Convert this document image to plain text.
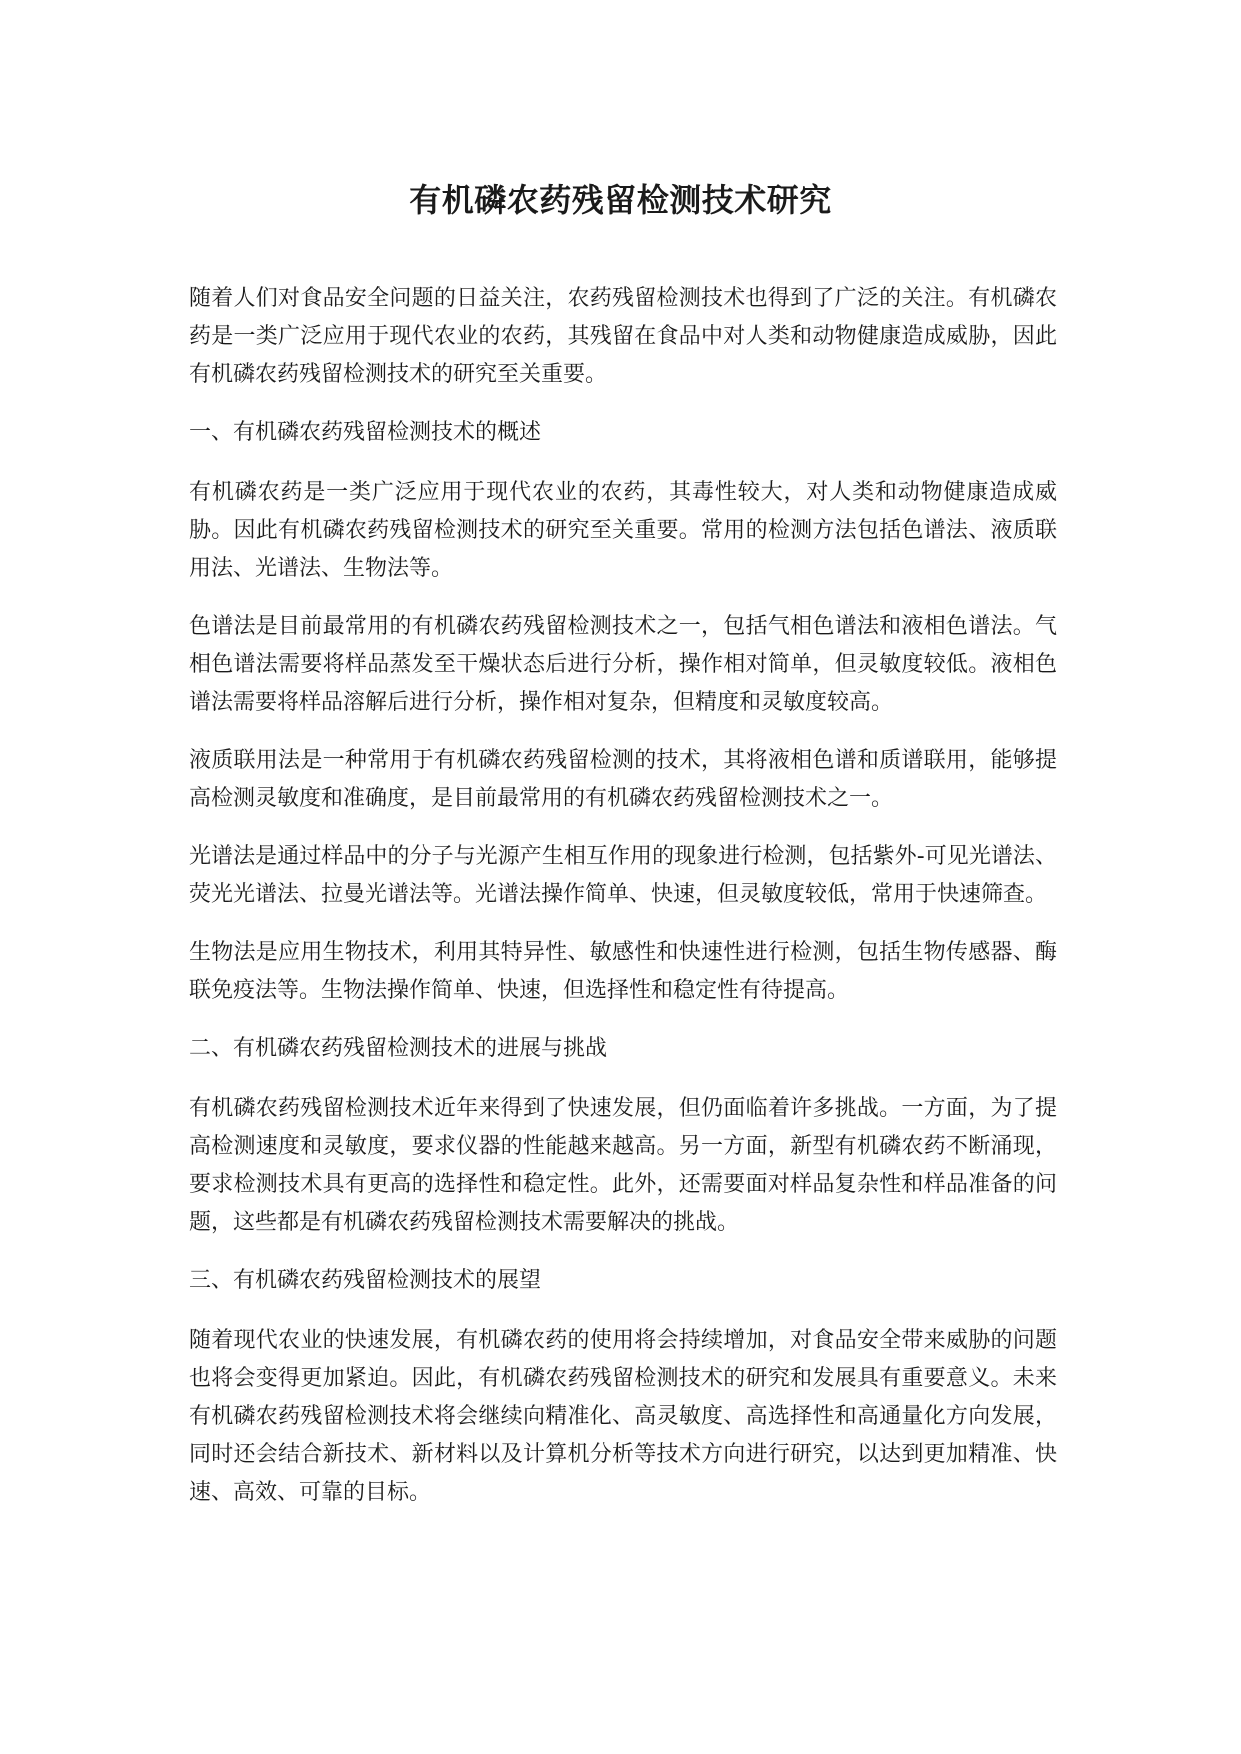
有机磷农药残留检测技术研究

随着人们对食品安全问题的日益关注，农药残留检测技术也得到了广泛的关注。有机磷农药是一类广泛应用于现代农业的农药，其残留在食品中对人类和动物健康造成威胁，因此有机磷农药残留检测技术的研究至关重要。

一、有机磷农药残留检测技术的概述

有机磷农药是一类广泛应用于现代农业的农药，其毒性较大，对人类和动物健康造成威胁。因此有机磷农药残留检测技术的研究至关重要。常用的检测方法包括色谱法、液质联用法、光谱法、生物法等。

色谱法是目前最常用的有机磷农药残留检测技术之一，包括气相色谱法和液相色谱法。气相色谱法需要将样品蒸发至干燥状态后进行分析，操作相对简单，但灵敏度较低。液相色谱法需要将样品溶解后进行分析，操作相对复杂，但精度和灵敏度较高。

液质联用法是一种常用于有机磷农药残留检测的技术，其将液相色谱和质谱联用，能够提高检测灵敏度和准确度，是目前最常用的有机磷农药残留检测技术之一。

光谱法是通过样品中的分子与光源产生相互作用的现象进行检测，包括紫外-可见光谱法、荧光光谱法、拉曼光谱法等。光谱法操作简单、快速，但灵敏度较低，常用于快速筛查。

生物法是应用生物技术，利用其特异性、敏感性和快速性进行检测，包括生物传感器、酶联免疫法等。生物法操作简单、快速，但选择性和稳定性有待提高。

二、有机磷农药残留检测技术的进展与挑战

有机磷农药残留检测技术近年来得到了快速发展，但仍面临着许多挑战。一方面，为了提高检测速度和灵敏度，要求仪器的性能越来越高。另一方面，新型有机磷农药不断涌现，要求检测技术具有更高的选择性和稳定性。此外，还需要面对样品复杂性和样品准备的问题，这些都是有机磷农药残留检测技术需要解决的挑战。

三、有机磷农药残留检测技术的展望

随着现代农业的快速发展，有机磷农药的使用将会持续增加，对食品安全带来威胁的问题也将会变得更加紧迫。因此，有机磷农药残留检测技术的研究和发展具有重要意义。未来有机磷农药残留检测技术将会继续向精准化、高灵敏度、高选择性和高通量化方向发展，同时还会结合新技术、新材料以及计算机分析等技术方向进行研究，以达到更加精准、快速、高效、可靠的目标。
